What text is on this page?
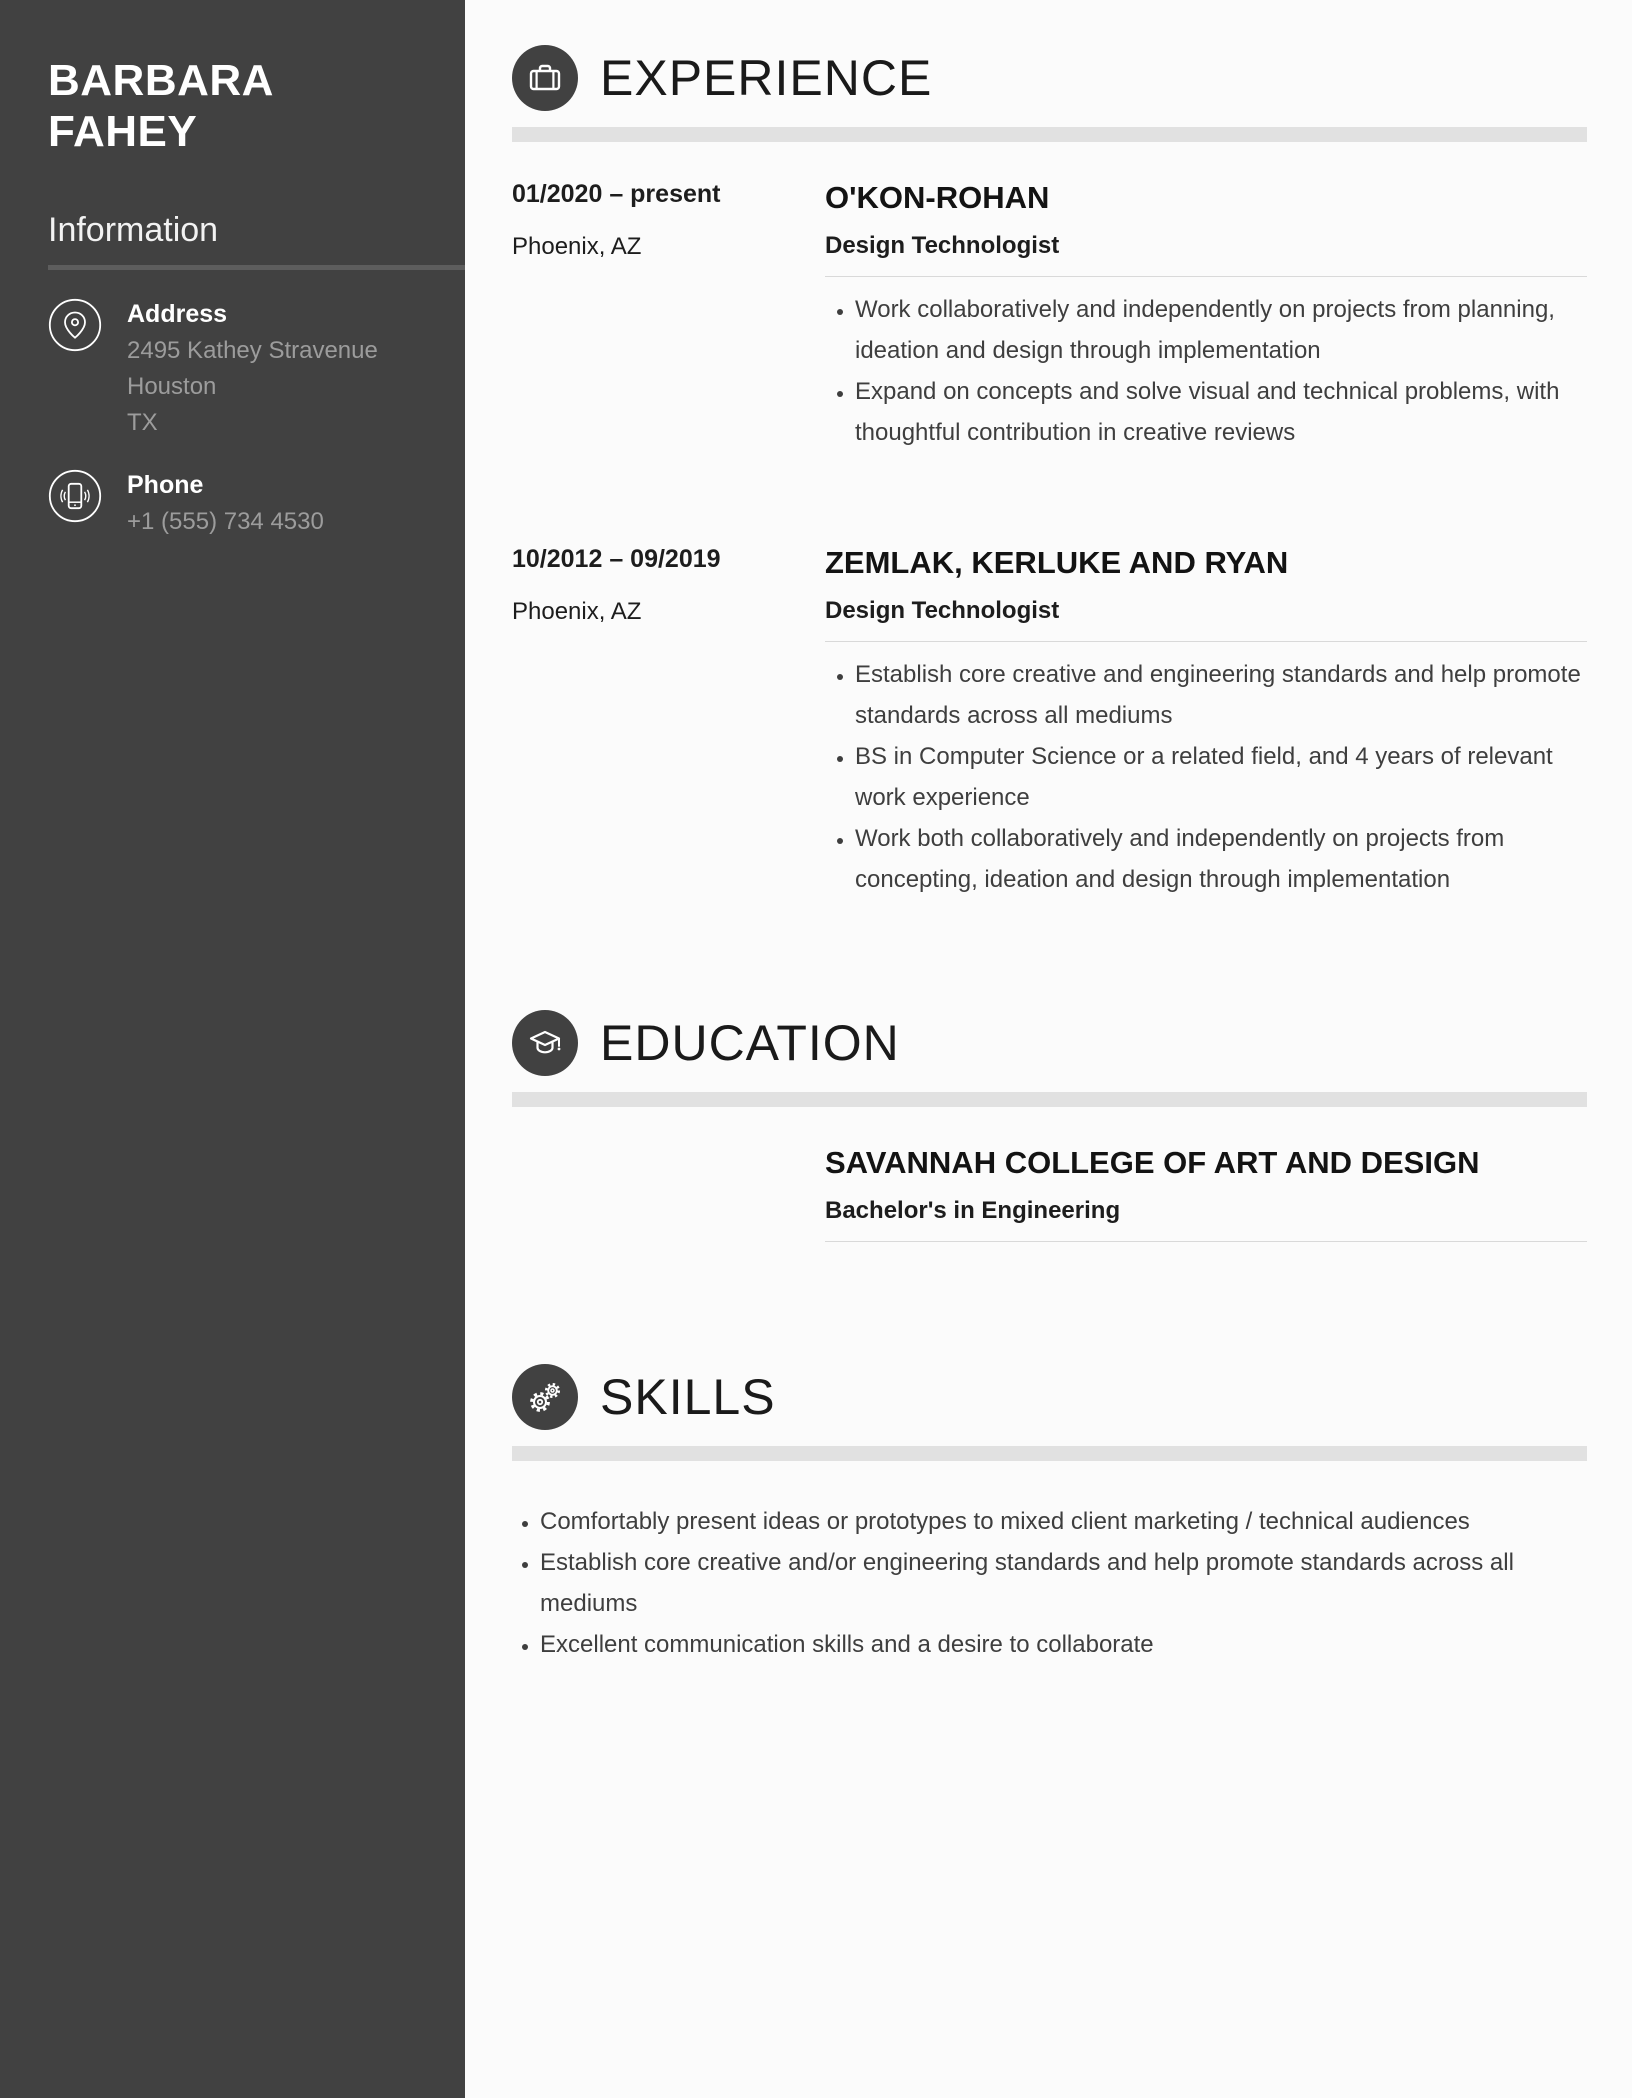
BARBARA FAHEY
Information
Address
2495 Kathey Stravenue
Houston
TX
Phone
+1 (555) 734 4530
EXPERIENCE
01/2020 – present
Phoenix, AZ
O'KON-ROHAN
Design Technologist
• Work collaboratively and independently on projects from planning, ideation and design through implementation
• Expand on concepts and solve visual and technical problems, with thoughtful contribution in creative reviews
10/2012 – 09/2019
Phoenix, AZ
ZEMLAK, KERLUKE AND RYAN
Design Technologist
• Establish core creative and engineering standards and help promote standards across all mediums
• BS in Computer Science or a related field, and 4 years of relevant work experience
• Work both collaboratively and independently on projects from concepting, ideation and design through implementation
EDUCATION
SAVANNAH COLLEGE OF ART AND DESIGN
Bachelor's in Engineering
SKILLS
• Comfortably present ideas or prototypes to mixed client marketing / technical audiences
• Establish core creative and/or engineering standards and help promote standards across all mediums
• Excellent communication skills and a desire to collaborate
